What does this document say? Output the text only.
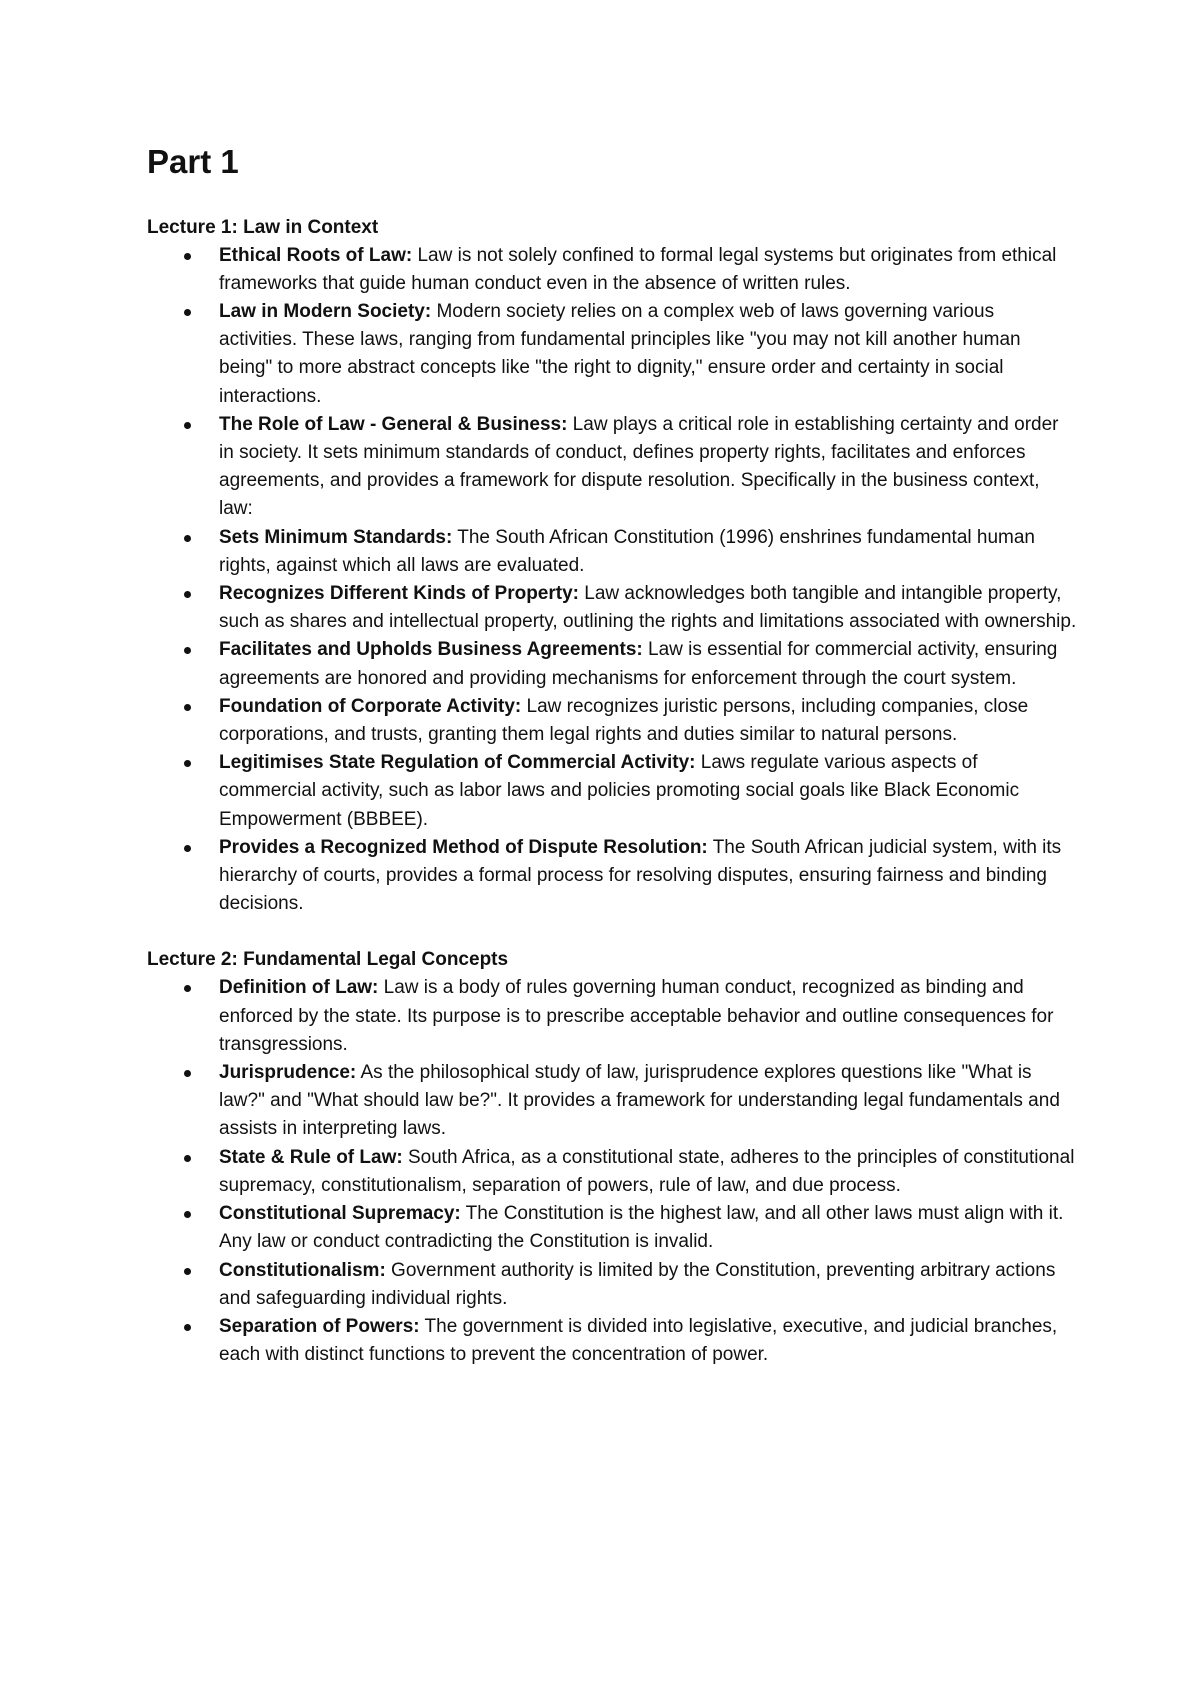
Part 1
Lecture 1: Law in Context
Ethical Roots of Law: Law is not solely confined to formal legal systems but originates from ethical frameworks that guide human conduct even in the absence of written rules.
Law in Modern Society: Modern society relies on a complex web of laws governing various activities. These laws, ranging from fundamental principles like "you may not kill another human being" to more abstract concepts like "the right to dignity," ensure order and certainty in social interactions.
The Role of Law - General & Business: Law plays a critical role in establishing certainty and order in society. It sets minimum standards of conduct, defines property rights, facilitates and enforces agreements, and provides a framework for dispute resolution. Specifically in the business context, law:
Sets Minimum Standards: The South African Constitution (1996) enshrines fundamental human rights, against which all laws are evaluated.
Recognizes Different Kinds of Property: Law acknowledges both tangible and intangible property, such as shares and intellectual property, outlining the rights and limitations associated with ownership.
Facilitates and Upholds Business Agreements: Law is essential for commercial activity, ensuring agreements are honored and providing mechanisms for enforcement through the court system.
Foundation of Corporate Activity: Law recognizes juristic persons, including companies, close corporations, and trusts, granting them legal rights and duties similar to natural persons.
Legitimises State Regulation of Commercial Activity: Laws regulate various aspects of commercial activity, such as labor laws and policies promoting social goals like Black Economic Empowerment (BBBEE).
Provides a Recognized Method of Dispute Resolution: The South African judicial system, with its hierarchy of courts, provides a formal process for resolving disputes, ensuring fairness and binding decisions.
Lecture 2: Fundamental Legal Concepts
Definition of Law: Law is a body of rules governing human conduct, recognized as binding and enforced by the state. Its purpose is to prescribe acceptable behavior and outline consequences for transgressions.
Jurisprudence: As the philosophical study of law, jurisprudence explores questions like "What is law?" and "What should law be?". It provides a framework for understanding legal fundamentals and assists in interpreting laws.
State & Rule of Law: South Africa, as a constitutional state, adheres to the principles of constitutional supremacy, constitutionalism, separation of powers, rule of law, and due process.
Constitutional Supremacy: The Constitution is the highest law, and all other laws must align with it. Any law or conduct contradicting the Constitution is invalid.
Constitutionalism: Government authority is limited by the Constitution, preventing arbitrary actions and safeguarding individual rights.
Separation of Powers: The government is divided into legislative, executive, and judicial branches, each with distinct functions to prevent the concentration of power.
